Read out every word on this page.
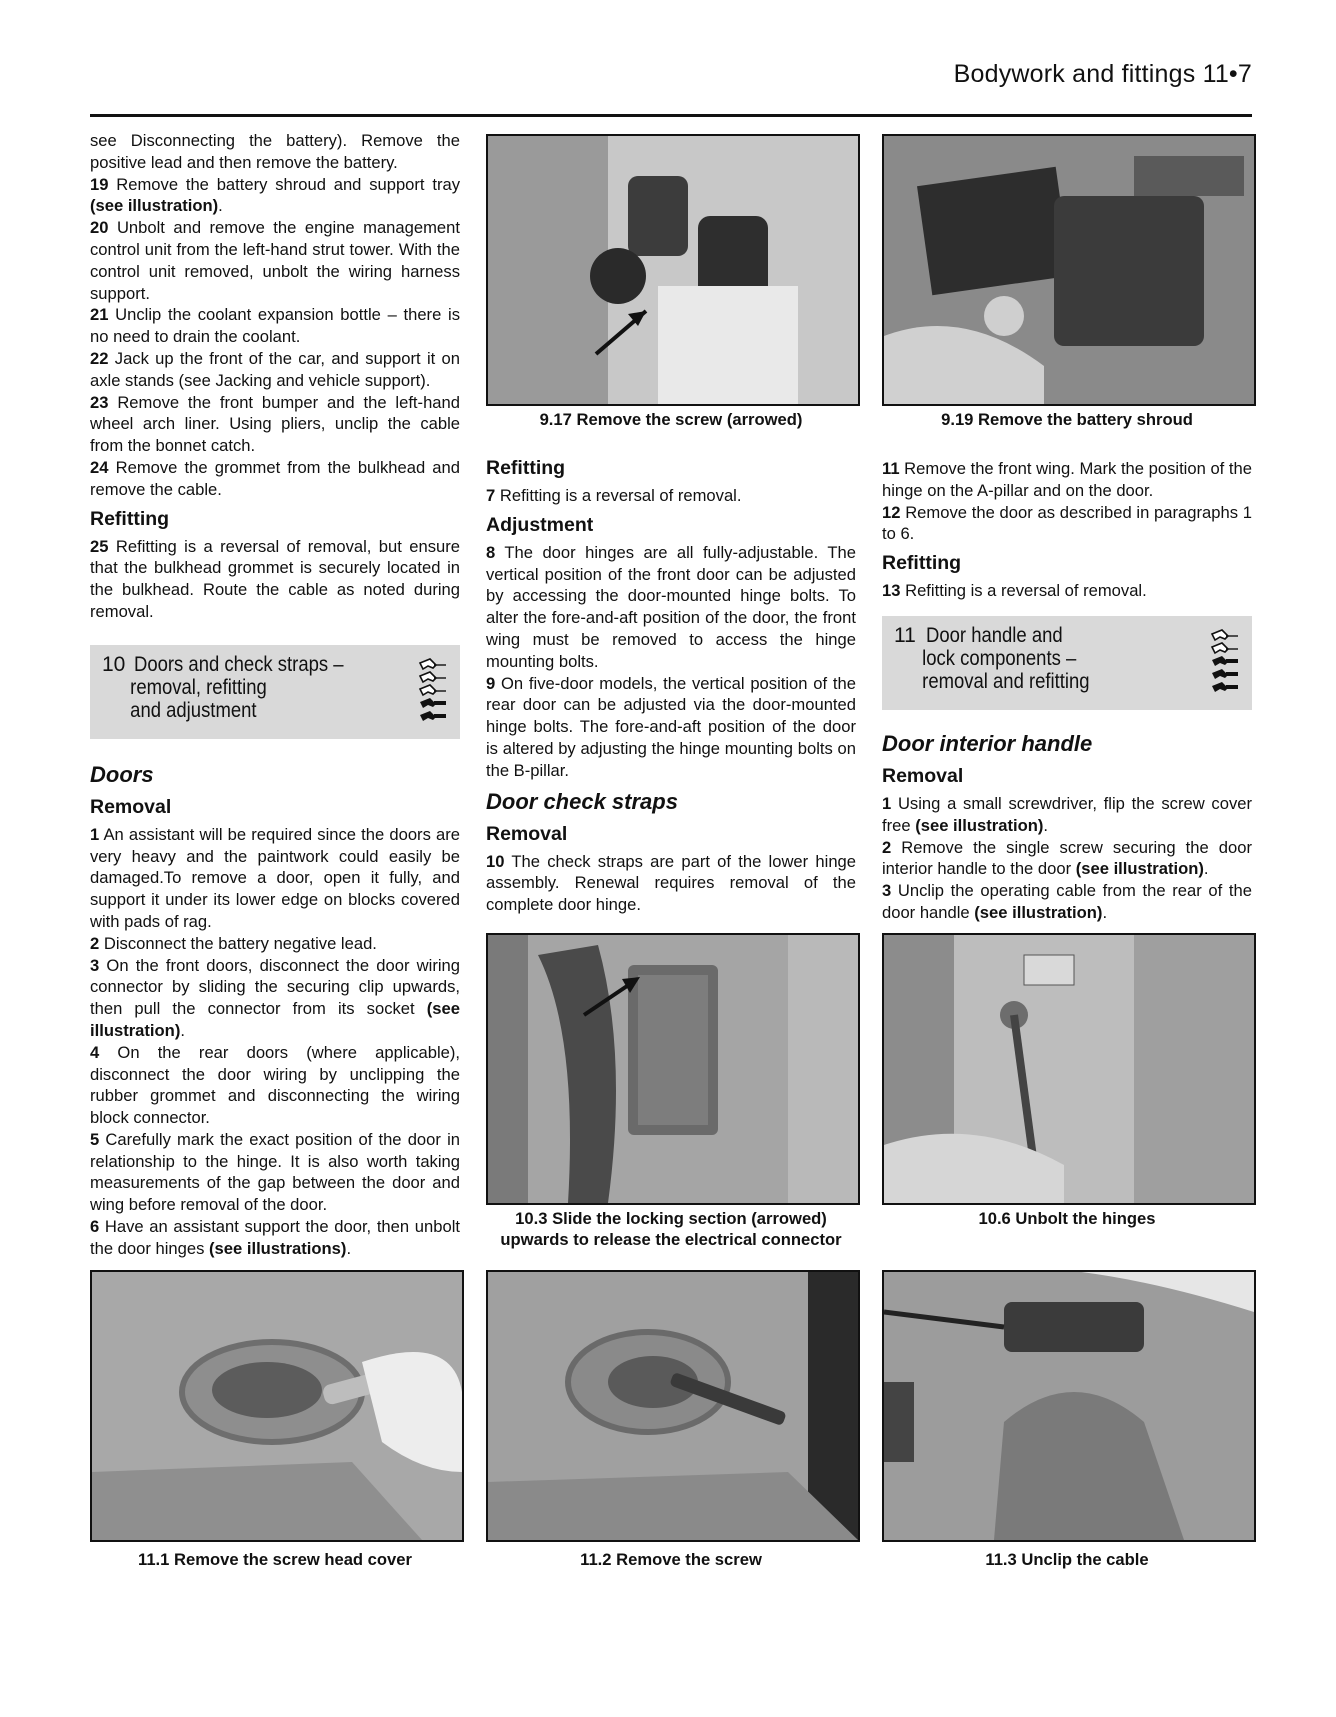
Bodywork and fittings 11•7

see Disconnecting the battery). Remove the positive lead and then remove the battery.

19 Remove the battery shroud and support tray (see illustration).

20 Unbolt and remove the engine management control unit from the left-hand strut tower. With the control unit removed, unbolt the wiring harness support.

21 Unclip the coolant expansion bottle – there is no need to drain the coolant.

22 Jack up the front of the car, and support it on axle stands (see Jacking and vehicle support).

23 Remove the front bumper and the left-hand wheel arch liner. Using pliers, unclip the cable from the bonnet catch.

24 Remove the grommet from the bulkhead and remove the cable.

Refitting

25 Refitting is a reversal of removal, but ensure that the bulkhead grommet is securely located in the bulkhead. Route the cable as noted during removal.

10 Doors and check straps –
removal, refitting
and adjustment
Doors
Removal

1 An assistant will be required since the doors are very heavy and the paintwork could easily be damaged.To remove a door, open it fully, and support it under its lower edge on blocks covered with pads of rag.

2 Disconnect the battery negative lead.

3 On the front doors, disconnect the door wiring connector by sliding the securing clip upwards, then pull the connector from its socket (see illustration).

4 On the rear doors (where applicable), disconnect the door wiring by unclipping the rubber grommet and disconnecting the wiring block connector.

5 Carefully mark the exact position of the door in relationship to the hinge. It is also worth taking measurements of the gap between the door and wing before removal of the door.

6 Have an assistant support the door, then unbolt the door hinges (see illustrations).

9.17 Remove the screw (arrowed)
Refitting

7 Refitting is a reversal of removal.

Adjustment

8 The door hinges are all fully-adjustable. The vertical position of the front door can be adjusted by accessing the door-mounted hinge bolts. To alter the fore-and-aft position of the door, the front wing must be removed to access the hinge mounting bolts.

9 On five-door models, the vertical position of the rear door can be adjusted via the door-mounted hinge bolts. The fore-and-aft position of the door is altered by adjusting the hinge mounting bolts on the B-pillar.

Door check straps
Removal

10 The check straps are part of the lower hinge assembly. Renewal requires removal of the complete door hinge.

10.3 Slide the locking section (arrowed)
upwards to release the electrical connector
9.19 Remove the battery shroud

11 Remove the front wing. Mark the position of the hinge on the A-pillar and on the door.

12 Remove the door as described in paragraphs 1 to 6.

Refitting

13 Refitting is a reversal of removal.

11 Door handle and
lock components –
removal and refitting
Door interior handle
Removal

1 Using a small screwdriver, flip the screw cover free (see illustration).

2 Remove the single screw securing the door interior handle to the door (see illustration).

3 Unclip the operating cable from the rear of the door handle (see illustration).

10.6 Unbolt the hinges
11.1 Remove the screw head cover	11.2 Remove the screw	11.3 Unclip the cable
